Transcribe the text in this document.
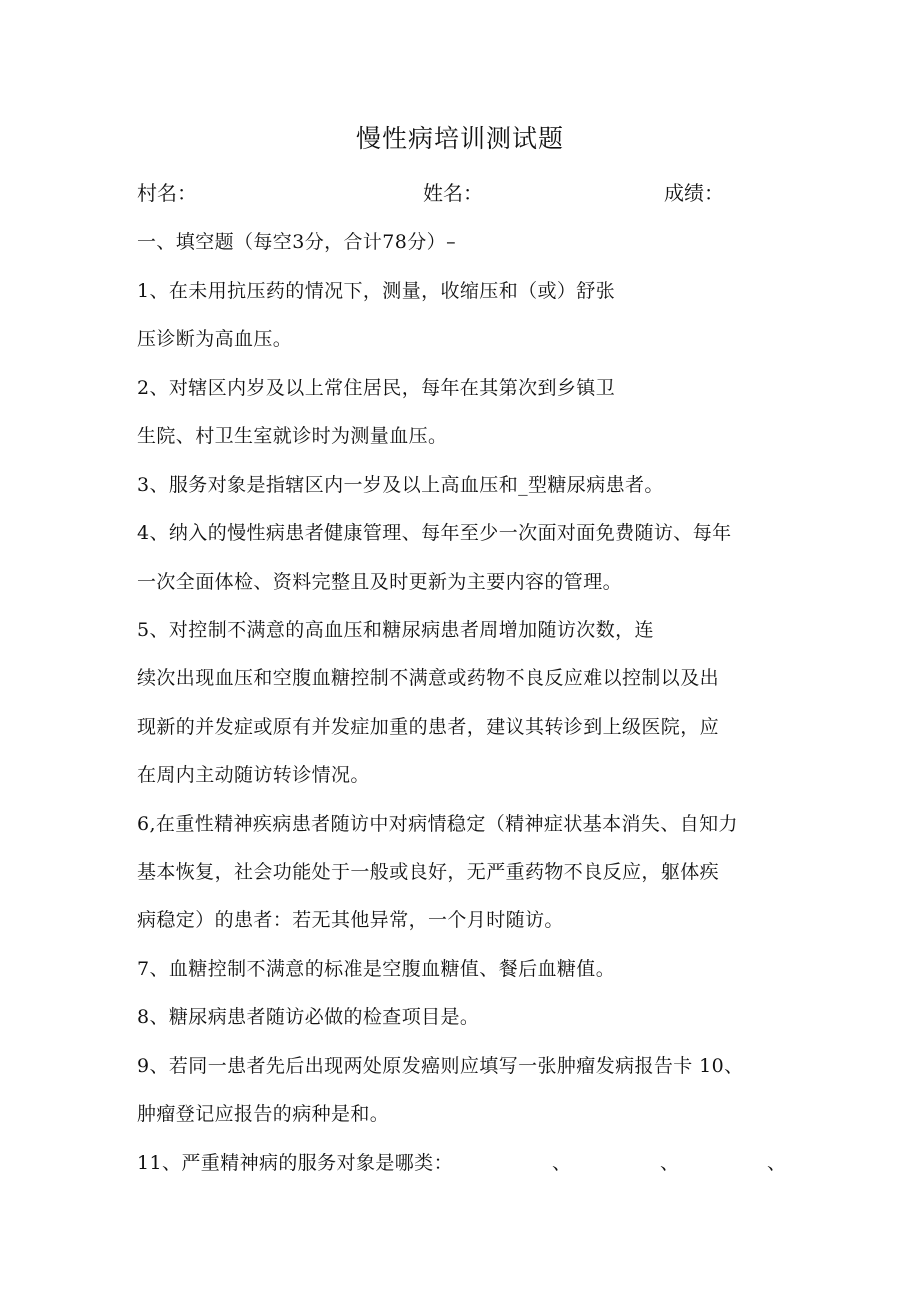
慢性病培训测试题
村名：	姓名：	成绩：
一、填空题（每空3分，合计78分）–
1、在未用抗压药的情况下，测量，收缩压和（或）舒张
压诊断为高血压。
2、对辖区内岁及以上常住居民，每年在其第次到乡镇卫
生院、村卫生室就诊时为测量血压。
3、服务对象是指辖区内一岁及以上高血压和_型糖尿病患者。
4、纳入的慢性病患者健康管理、每年至少一次面对面免费随访、每年
一次全面体检、资料完整且及时更新为主要内容的管理。
5、对控制不满意的高血压和糖尿病患者周增加随访次数，连
续次出现血压和空腹血糖控制不满意或药物不良反应难以控制以及出
现新的并发症或原有并发症加重的患者，建议其转诊到上级医院，应
在周内主动随访转诊情况。
6,在重性精神疾病患者随访中对病情稳定（精神症状基本消失、自知力
基本恢复，社会功能处于一般或良好，无严重药物不良反应，躯体疾
病稳定）的患者：若无其他异常，一个月时随访。
7、血糖控制不满意的标准是空腹血糖值、餐后血糖值。
8、糖尿病患者随访必做的检查项目是。
9、若同一患者先后出现两处原发癌则应填写一张肿瘤发病报告卡 10、
肿瘤登记应报告的病种是和。
11、严重精神病的服务对象是哪类：	、	、	、
